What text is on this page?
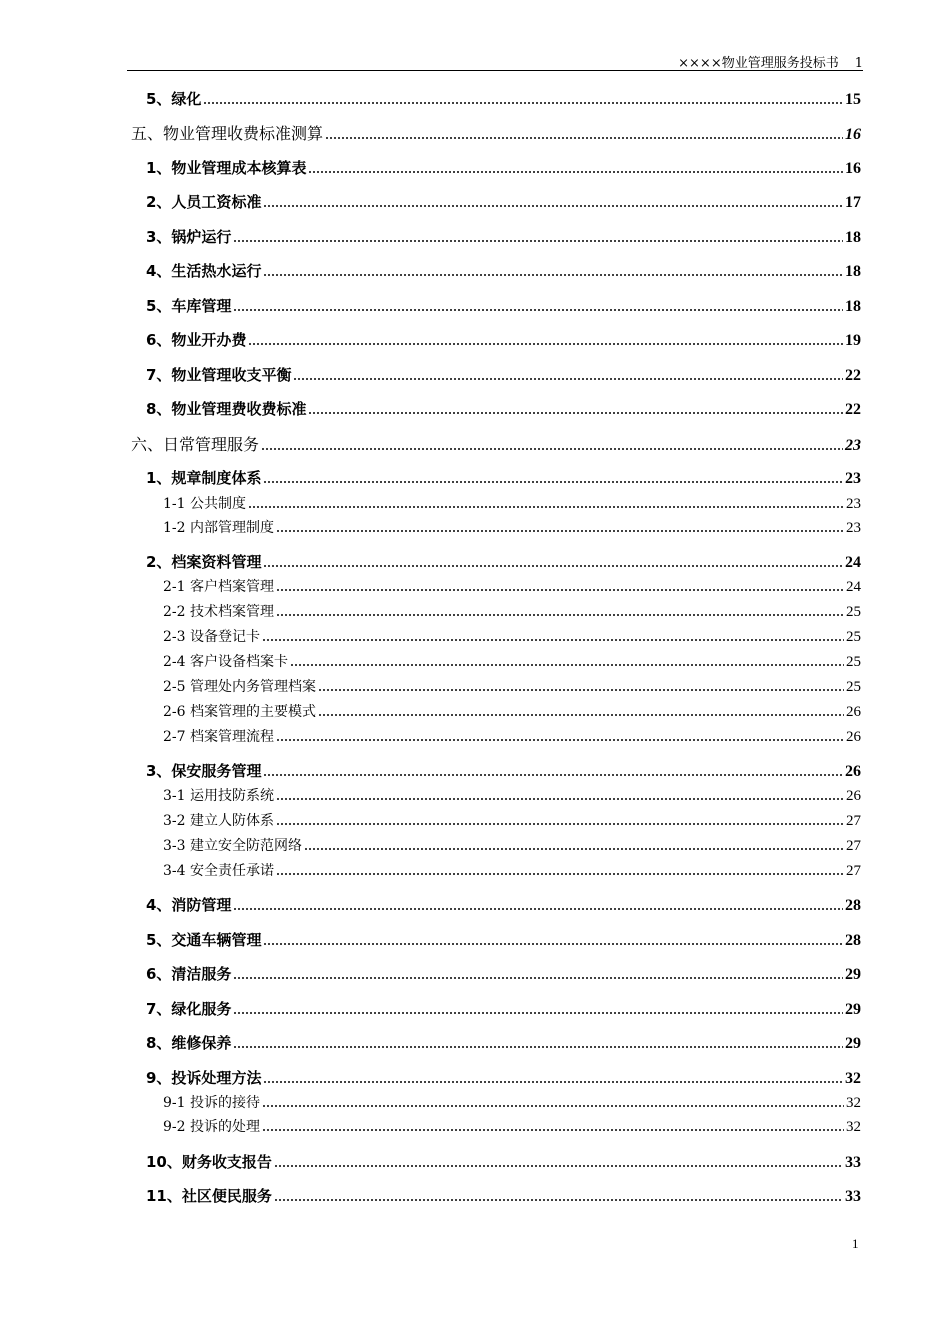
××××物业管理服务投标书 1
5、绿化	15
五、物业管理收费标准测算	16
1、物业管理成本核算表	16
2、人员工资标准	17
3、锅炉运行	18
4、生活热水运行	18
5、车库管理	18
6、物业开办费	19
7、物业管理收支平衡	22
8、物业管理费收费标准	22
六、日常管理服务	23
1、规章制度体系	23
1-1 公共制度	23
1-2 内部管理制度	23
2、档案资料管理	24
2-1 客户档案管理	24
2-2 技术档案管理	25
2-3 设备登记卡	25
2-4 客户设备档案卡	25
2-5 管理处内务管理档案	25
2-6 档案管理的主要模式	26
2-7 档案管理流程	26
3、保安服务管理	26
3-1 运用技防系统	26
3-2 建立人防体系	27
3-3 建立安全防范网络	27
3-4 安全责任承诺	27
4、消防管理	28
5、交通车辆管理	28
6、清洁服务	29
7、绿化服务	29
8、维修保养	29
9、投诉处理方法	32
9-1 投诉的接待	32
9-2 投诉的处理	32
10、财务收支报告	33
11、社区便民服务	33
1
